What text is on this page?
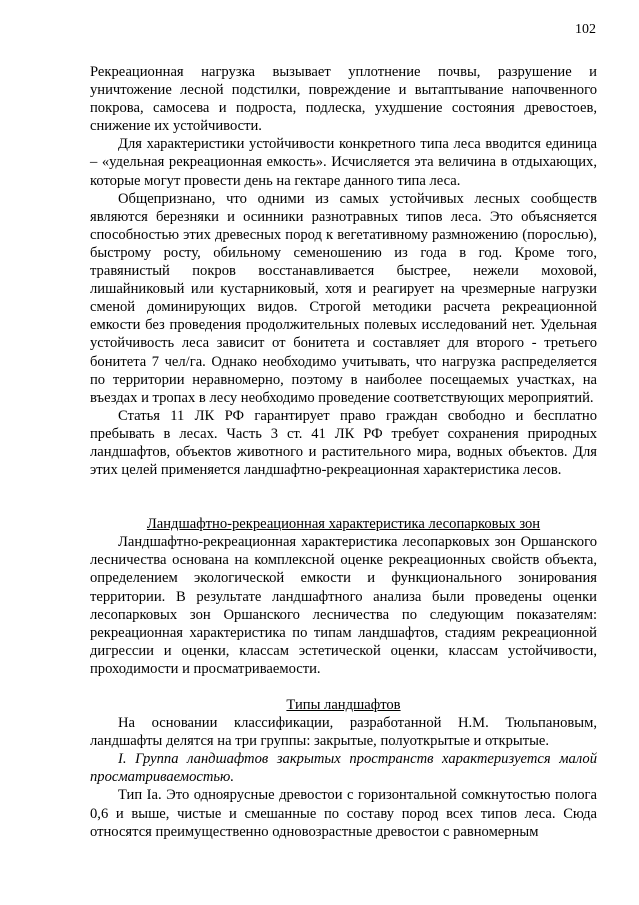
102

Рекреационная нагрузка вызывает уплотнение почвы, разрушение и уничтожение лесной подстилки, повреждение и вытаптывание напочвенного покрова, самосева и подроста, подлеска, ухудшение состояния древостоев, снижение их устойчивости.

Для характеристики устойчивости конкретного типа леса вводится единица – «удельная рекреационная емкость». Исчисляется эта величина в отдыхающих, которые могут провести день на гектаре данного типа леса.

Общепризнано, что одними из самых устойчивых лесных сообществ являются березняки и осинники разнотравных типов леса. Это объясняется способностью этих древесных пород к вегетативному размножению (порослью), быстрому росту, обильному семеношению из года в год. Кроме того, травянистый покров восстанавливается быстрее, нежели моховой, лишайниковый или кустарниковый, хотя и реагирует на чрезмерные нагрузки сменой доминирующих видов. Строгой методики расчета рекреационной емкости без проведения продолжительных полевых исследований нет. Удельная устойчивость леса зависит от бонитета и составляет для второго - третьего бонитета 7 чел/га. Однако необходимо учитывать, что нагрузка распределяется по территории неравномерно, поэтому в наиболее посещаемых участках, на въездах и тропах в лесу необходимо проведение соответствующих мероприятий.

Статья 11 ЛК РФ гарантирует право граждан свободно и бесплатно пребывать в лесах. Часть 3 ст. 41 ЛК РФ требует сохранения природных ландшафтов, объектов животного и растительного мира, водных объектов. Для этих целей применяется ландшафтно-рекреационная характеристика лесов.

Ландшафтно-рекреационная характеристика лесопарковых зон

Ландшафтно-рекреационная характеристика лесопарковых зон Оршанского лесничества основана на комплексной оценке рекреационных свойств объекта, определением экологической емкости и функционального зонирования территории. В результате ландшафтного анализа были проведены оценки лесопарковых зон Оршанского лесничества по следующим показателям: рекреационная характеристика по типам ландшафтов, стадиям рекреационной дигрессии и оценки, классам эстетической оценки, классам устойчивости, проходимости и просматриваемости.

Типы ландшафтов

На основании классификации, разработанной Н.М. Тюльпановым, ландшафты делятся на три группы: закрытые, полуоткрытые и открытые.

I. Группа ландшафтов закрытых пространств характеризуется малой просматриваемостью.

Тип Ia. Это одноярусные древостои с горизонтальной сомкнутостью полога 0,6 и выше, чистые и смешанные по составу пород всех типов леса. Сюда относятся преимущественно одновозрастные древостои с равномерным
